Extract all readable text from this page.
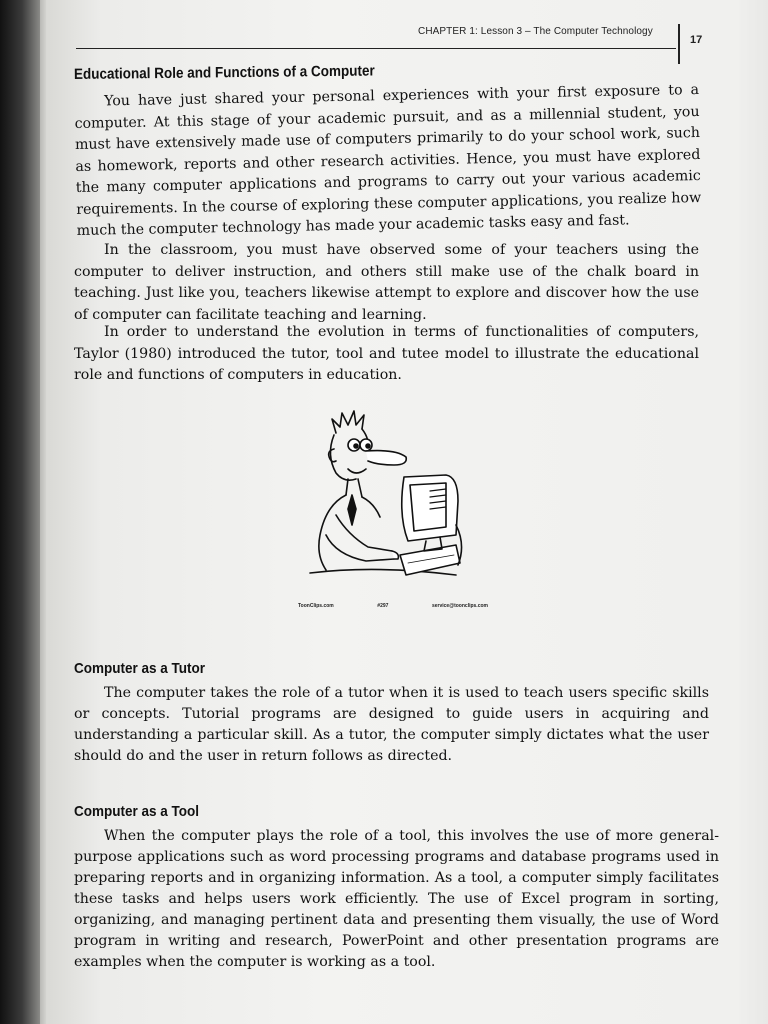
CHAPTER 1: Lesson 3 – The Computer Technology
17
Educational Role and Functions of a Computer

You have just shared your personal experiences with your first exposure to a computer. At this stage of your academic pursuit, and as a millennial student, you must have extensively made use of computers primarily to do your school work, such as homework, reports and other research activities. Hence, you must have explored the many computer applications and programs to carry out your various academic requirements. In the course of exploring these computer applications, you realize how much the computer technology has made your academic tasks easy and fast.

In the classroom, you must have observed some of your teachers using the computer to deliver instruction, and others still make use of the chalk board in teaching. Just like you, teachers likewise attempt to explore and discover how the use of computer can facilitate teaching and learning.

In order to understand the evolution in terms of functionalities of computers, Taylor (1980) introduced the tutor, tool and tutee model to illustrate the educational role and functions of computers in education.

ToonClips.com	#297	service@toonclips.com
Computer as a Tutor

The computer takes the role of a tutor when it is used to teach users specific skills or concepts. Tutorial programs are designed to guide users in acquiring and understanding a particular skill. As a tutor, the computer simply dictates what the user should do and the user in return follows as directed.

Computer as a Tool

When the computer plays the role of a tool, this involves the use of more general-purpose applications such as word processing programs and database programs used in preparing reports and in organizing information. As a tool, a computer simply facilitates these tasks and helps users work efficiently. The use of Excel program in sorting, organizing, and managing pertinent data and presenting them visually, the use of Word program in writing and research, PowerPoint and other presentation programs are examples when the computer is working as a tool.
